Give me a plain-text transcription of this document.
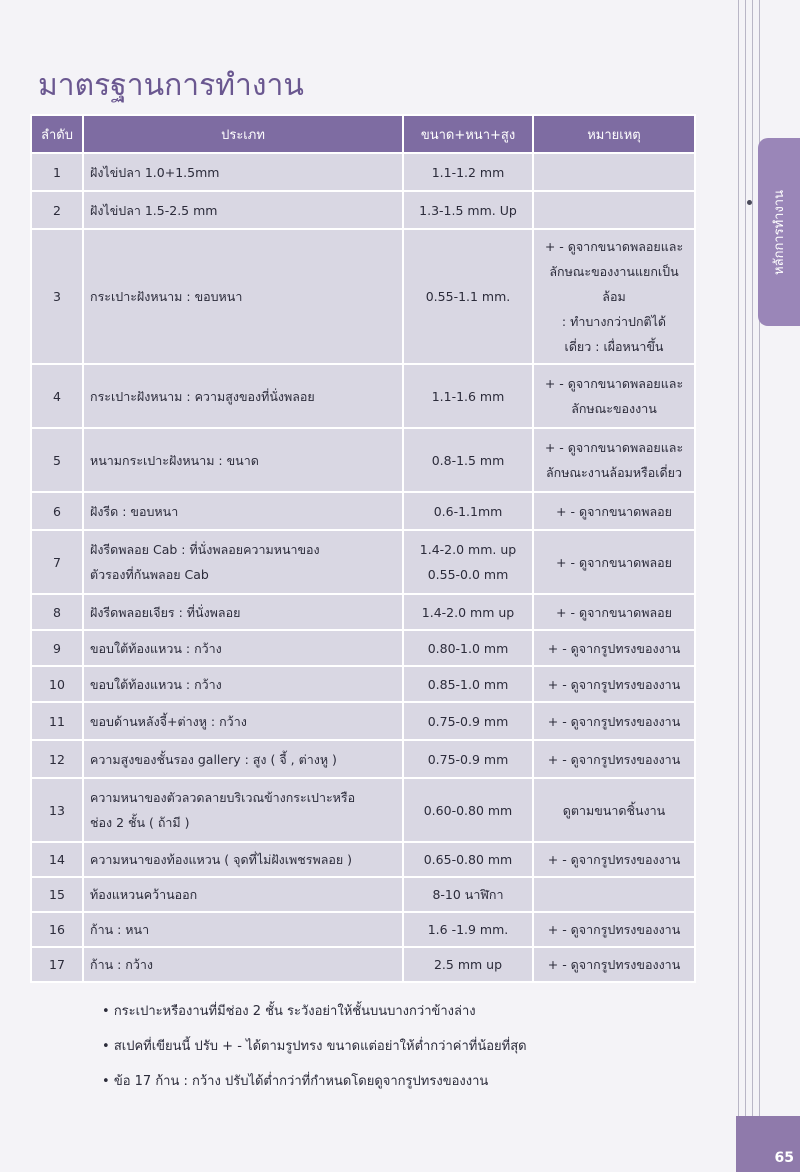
หลักการทำงาน
มาตรฐานการทำงาน
ลำดับ	ประเภท	ขนาด+หนา+สูง	หมายเหตุ
1	ฝังไข่ปลา 1.0+1.5mm	1.1-1.2 mm	
2	ฝังไข่ปลา 1.5-2.5 mm	1.3-1.5 mm. Up	
3	กระเปาะฝังหนาม : ขอบหนา	0.55-1.1 mm.	+ - ดูจากขนาดพลอยและ
ลักษณะของงานแยกเป็นล้อม
: ทำบางกว่าปกติได้
เดี่ยว : เผื่อหนาขึ้น
4	กระเปาะฝังหนาม : ความสูงของที่นั่งพลอย	1.1-1.6 mm	+ - ดูจากขนาดพลอยและ
ลักษณะของงาน
5	หนามกระเปาะฝังหนาม : ขนาด	0.8-1.5 mm	+ - ดูจากขนาดพลอยและ
ลักษณะงานล้อมหรือเดี่ยว
6	ฝังรีด : ขอบหนา	0.6-1.1mm	+ - ดูจากขนาดพลอย
7	ฝังรีดพลอย Cab : ที่นั่งพลอยความหนาของ
ตัวรองที่กันพลอย Cab	1.4-2.0 mm. up
0.55-0.0 mm	+ - ดูจากขนาดพลอย
8	ฝังรีดพลอยเจียร : ที่นั่งพลอย	1.4-2.0 mm up	+ - ดูจากขนาดพลอย
9	ขอบใต้ท้องแหวน : กว้าง	0.80-1.0 mm	+ - ดูจากรูปทรงของงาน
10	ขอบใต้ท้องแหวน : กว้าง	0.85-1.0 mm	+ - ดูจากรูปทรงของงาน
11	ขอบด้านหลังจี้+ต่างหู : กว้าง	0.75-0.9 mm	+ - ดูจากรูปทรงของงาน
12	ความสูงของชั้นรอง gallery : สูง ( จี้ , ต่างหู )	0.75-0.9 mm	+ - ดูจากรูปทรงของงาน
13	ความหนาของตัวลวดลายบริเวณข้างกระเปาะหรือ
ช่อง 2 ชั้น ( ถ้ามี )	0.60-0.80 mm	ดูตามขนาดชิ้นงาน
14	ความหนาของท้องแหวน ( จุดที่ไม่ฝังเพชรพลอย )	0.65-0.80 mm	+ - ดูจากรูปทรงของงาน
15	ท้องแหวนคว้านออก	8-10 นาฬิกา	
16	ก้าน : หนา	1.6 -1.9 mm.	+ - ดูจากรูปทรงของงาน
17	ก้าน : กว้าง	2.5 mm up	+ - ดูจากรูปทรงของงาน
• กระเปาะหรืองานที่มีช่อง 2 ชั้น ระวังอย่าให้ชั้นบนบางกว่าข้างล่าง
• สเปคที่เขียนนี้ ปรับ + - ได้ตามรูปทรง ขนาดแต่อย่าให้ต่ำกว่าค่าที่น้อยที่สุด
• ข้อ 17 ก้าน : กว้าง ปรับได้ต่ำกว่าที่กำหนดโดยดูจากรูปทรงของงาน
65
